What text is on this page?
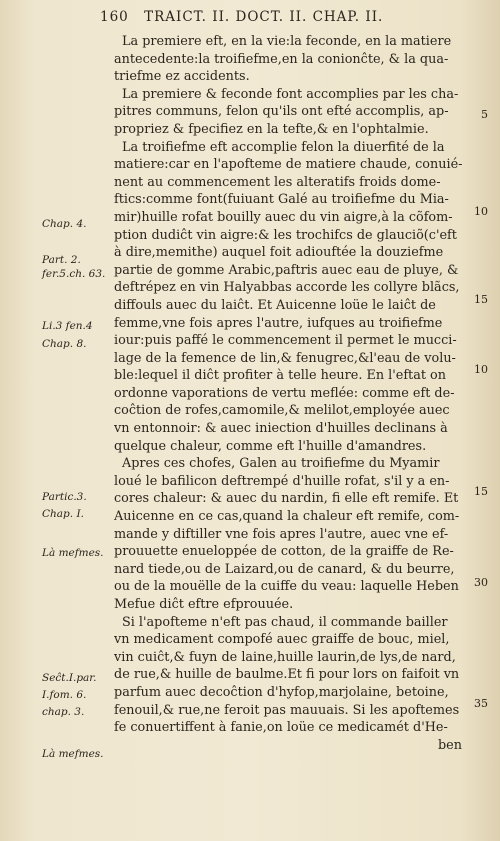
160 TRAICT. II. DOCT. II. CHAP. II.
La premiere eft, en la vie:la feconde, en la matiere
antecedente:la troifiefme,en la conionĉte, & la qua-
triefme ez accidents.
La premiere & feconde font accomplies par les cha-
pitres communs, felon qu'ils ont efté accomplis, ap-
propriez & fpecifiez en la tefte,& en l'ophtalmie.
La troifiefme eft accomplie felon la diuerfité de la
matiere:car en l'apofteme de matiere chaude, conuié-
nent au commencement les alteratifs froids dome-
ftics:comme font(fuiuant Galé au troifiefme du Mia-
mir)huille rofat bouilly auec du vin aigre,à la cõfom-
ption dudiĉt vin aigre:& les trochifcs de glauciõ(c'eft
à dire,memithe) auquel foit adiouftée la douziefme
partie de gomme Arabic,paftris auec eau de pluye, &
deftrépez en vin Halyabbas accorde les collyre blãcs,
diffouls auec du laiĉt. Et Auicenne loüe le laiĉt de
femme,vne fois apres l'autre, iufques au troifiefme
iour:puis paffé le commencement il permet le mucci-
lage de la femence de lin,& fenugrec,&l'eau de volu-
ble:lequel il diĉt profiter à telle heure. En l'eftat on
ordonne vaporations de vertu meflée: comme eft de-
coĉtion de rofes,camomile,& melilot,employée auec
vn entonnoir: & auec iniection d'huilles declinans à
quelque chaleur, comme eft l'huille d'amandres.
Apres ces chofes, Galen au troifiefme du Myamir
loué le bafilicon deftrempé d'huille rofat, s'il y a en-
cores chaleur: & auec du nardin, fi elle eft remife. Et
Auicenne en ce cas,quand la chaleur eft remife, com-
mande y diftiller vne fois apres l'autre, auec vne ef-
prouuette enueloppée de cotton, de la graiffe de Re-
nard tiede,ou de Laizard,ou de canard, & du beurre,
ou de la mouëlle de la cuiffe du veau: laquelle Heben
Mefue diĉt eftre efprouuée.
Si l'apofteme n'eft pas chaud, il commande bailler
vn medicament compofé auec graiffe de bouc, miel,
vin cuiĉt,& fuyn de laine,huille laurin,de lys,de nard,
de rue,& huille de baulme.Et fi pour lors on faifoit vn
parfum auec decoĉtion d'hyfop,marjolaine, betoine,
fenouil,& rue,ne feroit pas mauuais. Si les apoftemes
fe conuertiffent à fanie,on loüe ce medicamét d'He-
ben
Chap. 4.
Part. 2.
fer.5.ch. 63.
Li.3 fen.4
Chap. 8.
Partic.3.
Chap. I.
Là mefmes.
Seĉt.I.par.
I.fom. 6.
chap. 3.
Là mefmes.
5
10
15
10
15
30
35
